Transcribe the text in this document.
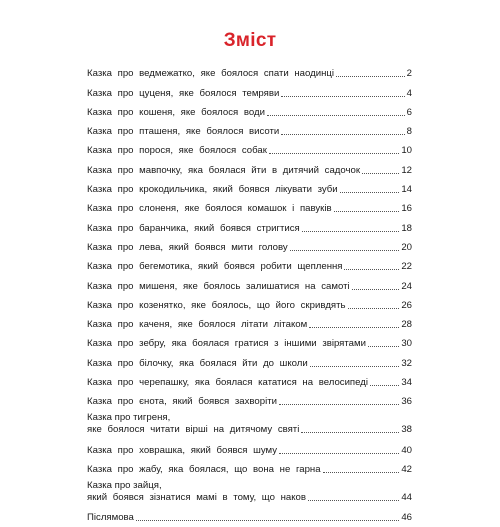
Зміст
Казка про ведмежатко, яке боялося спати наодинці	2
Казка про цуценя, яке боялося темряви	4
Казка про кошеня, яке боялося води	6
Казка про пташеня, яке боялося висоти	8
Казка про порося, яке боялося собак	10
Казка про мавпочку, яка боялася йти в дитячий садочок	12
Казка про крокодильчика, який боявся лікувати зуби	14
Казка про слоненя, яке боялося комашок і павуків	16
Казка про баранчика, який боявся стригтися	18
Казка про лева, який боявся мити голову	20
Казка про бегемотика, який боявся робити щеплення	22
Казка про мишеня, яке боялось залишатися на самоті	24
Казка про козенятко, яке боялось, що його скривдять	26
Казка про каченя, яке боялося літати літаком	28
Казка про зебру, яка боялася гратися з іншими звірятами	30
Казка про білочку, яка боялася йти до школи	32
Казка про черепашку, яка боялася кататися на велосипеді	34
Казка про єнота, який боявся захворіти	36
Казка про тигреня,
яке боялося читати вірші на дитячому святі	38
Казка про ховрашка, який боявся шуму	40
Казка про жабу, яка боялася, що вона не гарна	42
Казка про зайця,
який боявся зізнатися мамі в тому, що наков	44
Післямова	46
